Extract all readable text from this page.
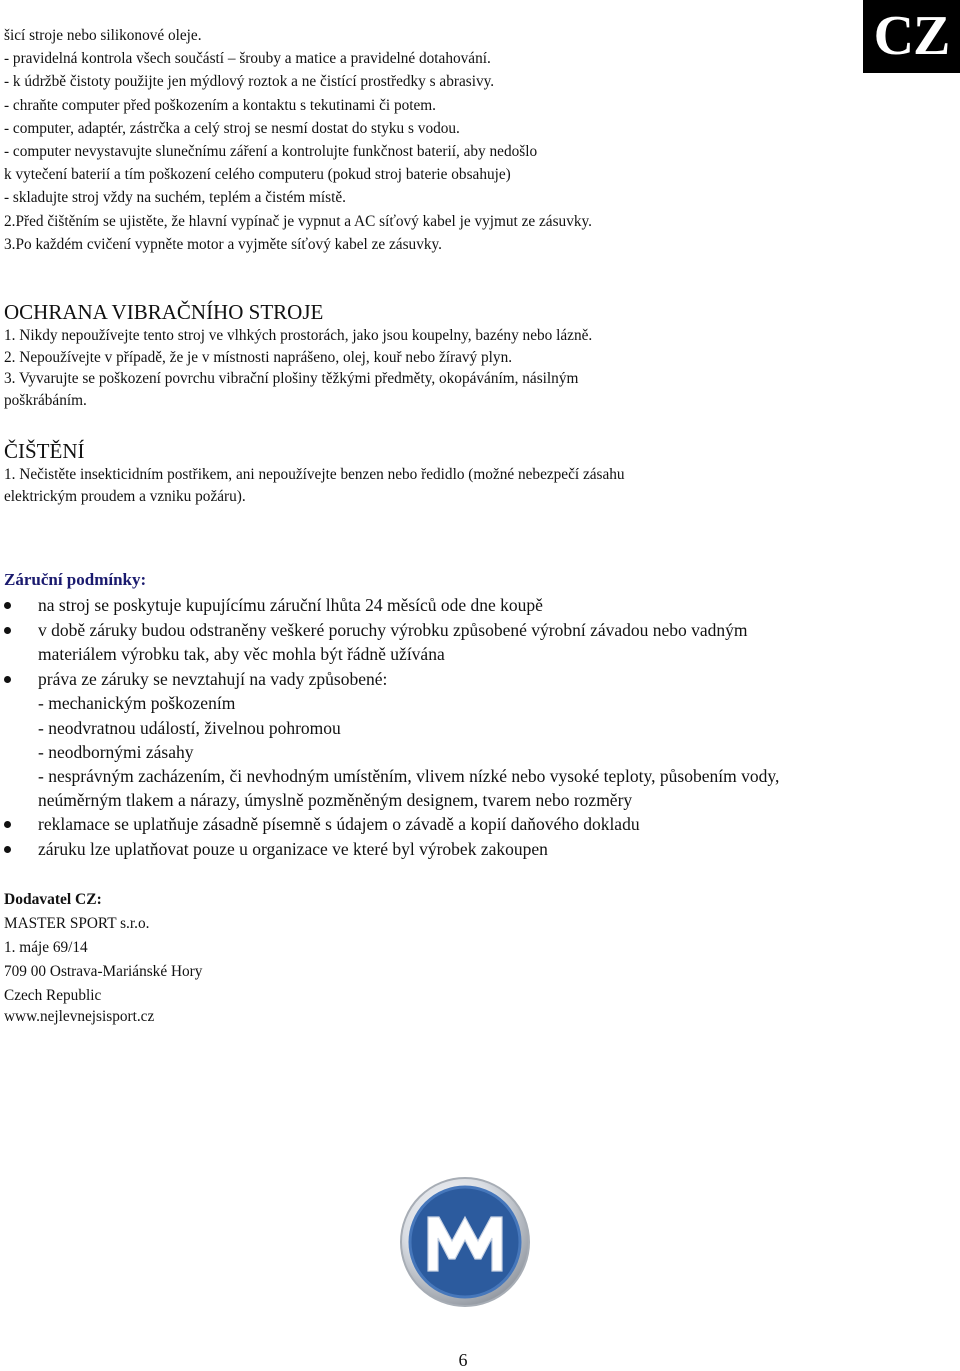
CZ
šicí stroje nebo silikonové oleje.
- pravidelná kontrola všech součástí – šrouby a matice a pravidelné dotahování.
- k údržbě čistoty použijte jen mýdlový roztok a ne čistící prostředky s abrasivy.
- chraňte computer před poškozením a kontaktu s tekutinami či potem.
- computer, adaptér, zástrčka a celý stroj se nesmí dostat do styku s vodou.
- computer nevystavujte slunečnímu záření a kontrolujte funkčnost baterií, aby nedošlo
k vytečení baterií a tím poškození celého computeru (pokud stroj baterie obsahuje)
- skladujte stroj vždy na suchém, teplém a čistém místě.
2.Před čištěním se ujistěte, že hlavní vypínač je vypnut a AC síťový kabel je vyjmut ze zásuvky.
3.Po každém cvičení vypněte motor a vyjměte síťový kabel ze zásuvky.
OCHRANA VIBRAČNÍHO STROJE
1. Nikdy nepoužívejte tento stroj ve vlhkých prostorách, jako jsou koupelny, bazény nebo lázně.
2. Nepoužívejte v případě, že je v místnosti naprášeno, olej, kouř nebo žíravý plyn.
3. Vyvarujte se poškození povrchu vibrační plošiny těžkými předměty, okopáváním, násilným
poškrábáním.
ČIŠTĚNÍ
1. Nečistěte insekticidním postřikem, ani nepoužívejte benzen nebo ředidlo (možné nebezpečí zásahu
elektrickým proudem a vzniku požáru).
Záruční podmínky:
na stroj se poskytuje kupujícímu záruční lhůta 24 měsíců ode dne koupě
v době záruky budou odstraněny veškeré poruchy výrobku způsobené výrobní závadou nebo vadným
materiálem výrobku tak, aby věc mohla být řádně užívána
práva ze záruky se nevztahují na vady způsobené:
- mechanickým poškozením
- neodvratnou událostí, živelnou pohromou
- neodbornými zásahy
- nesprávným zacházením, či nevhodným umístěním, vlivem nízké nebo vysoké teploty, působením vody,
neúměrným tlakem a nárazy, úmyslně pozměněným designem, tvarem nebo rozměry
reklamace se uplatňuje zásadně písemně s údajem o závadě a kopií daňového dokladu
záruku lze uplatňovat pouze u organizace ve které byl výrobek zakoupen
Dodavatel CZ:
MASTER SPORT s.r.o.
1. máje 69/14
709 00 Ostrava-Mariánské Hory
Czech Republic
www.nejlevnejsisport.cz
6
